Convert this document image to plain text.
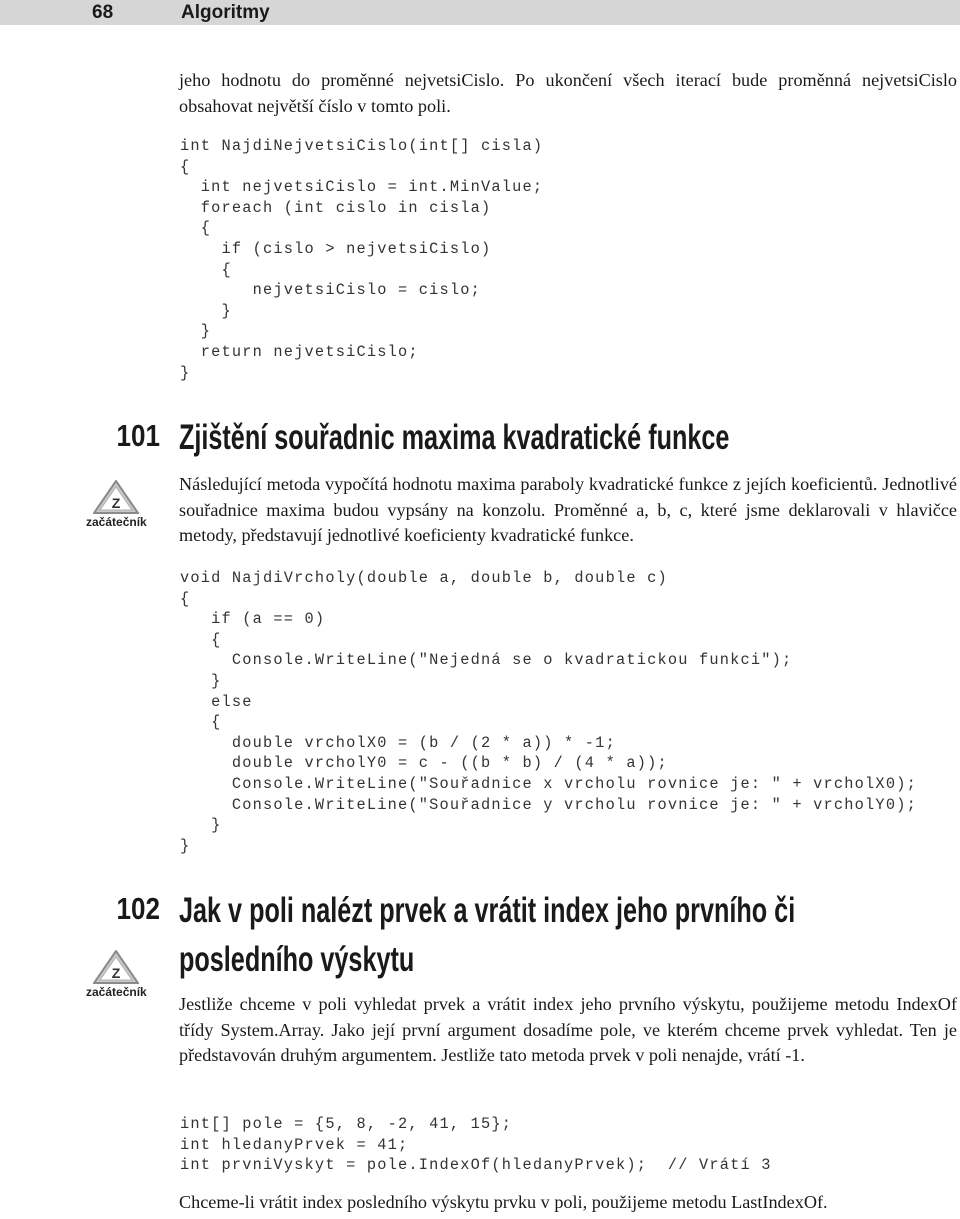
68	Algoritmy

jeho hodnotu do proměnné nejvetsiCislo. Po ukončení všech iterací bude proměnná nejvetsiCislo obsahovat největší číslo v tomto poli.

int NajdiNejvetsiCislo(int[] cisla)
{
int nejvetsiCislo = int.MinValue;
foreach (int cislo in cisla)
{
if (cislo > nejvetsiCislo)
{
nejvetsiCislo = cislo;
}
}
return nejvetsiCislo;
}
101 Zjištění souřadnic maxima kvadratické funkce
Z
začátečník

Následující metoda vypočítá hodnotu maxima paraboly kvadratické funkce z jejích koeficientů. Jednotlivé souřadnice maxima budou vypsány na konzolu. Proměnné a, b, c, které jsme deklarovali v hlavičce metody, představují jednotlivé koeficienty kvadratické funkce.

void NajdiVrcholy(double a, double b, double c)
{
if (a == 0)
{
Console.WriteLine("Nejedná se o kvadratickou funkci");
}
else
{
double vrcholX0 = (b / (2 * a)) * -1;
double vrcholY0 = c - ((b * b) / (4 * a));
Console.WriteLine("Souřadnice x vrcholu rovnice je: " + vrcholX0);
Console.WriteLine("Souřadnice y vrcholu rovnice je: " + vrcholY0);
}
}
102 Jak v poli nalézt prvek a vrátit index jeho prvního či
posledního výskytu
Z
začátečník

Jestliže chceme v poli vyhledat prvek a vrátit index jeho prvního výskytu, použijeme metodu IndexOf třídy System.Array. Jako její první argument dosadíme pole, ve kterém chceme prvek vyhledat. Ten je představován druhým argumentem. Jestliže tato metoda prvek v poli nenajde, vrátí -1.

int[] pole = {5, 8, -2, 41, 15};
int hledanyPrvek = 41;
int prvniVyskyt = pole.IndexOf(hledanyPrvek);  // Vrátí 3

Chceme-li vrátit index posledního výskytu prvku v poli, použijeme metodu LastIndexOf.
